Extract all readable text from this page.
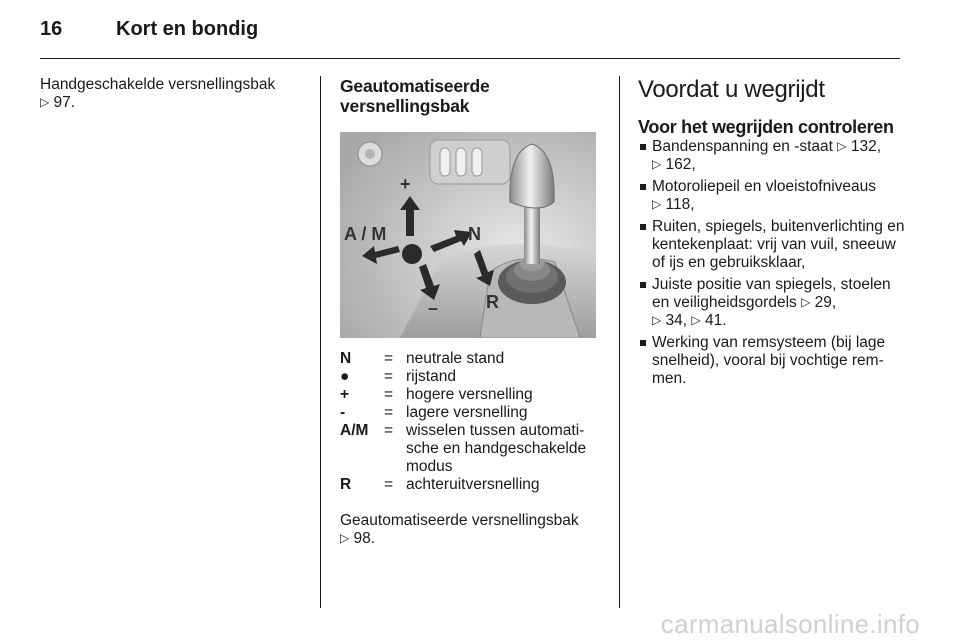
16	Kort en bondig
Handgeschakelde versnellingsbak
▷ 97.
Geautomatiseerde
versnellingsbak
+
–
A / M	N
R
N	= neutrale stand
●	= rijstand
+	= hogere versnelling
-	= lagere versnelling
A/M	= wisselen tussen automati-sche en handgeschakelde modus
R	= achteruitversnelling
Geautomatiseerde versnellingsbak
▷ 98.
Voordat u wegrijdt
Voor het wegrijden controleren
Bandenspanning en -staat ▷ 132,
▷ 162,
Motoroliepeil en vloeistofniveaus
▷ 118,
Ruiten, spiegels, buitenverlichting en kentekenplaat: vrij van vuil, sneeuw of ijs en gebruiksklaar,
Juiste positie van spiegels, stoelen en veiligheidsgordels ▷ 29,
▷ 34, ▷ 41.
Werking van remsysteem (bij lage snelheid), vooral bij vochtige rem-men.
carmanualsonline.info
